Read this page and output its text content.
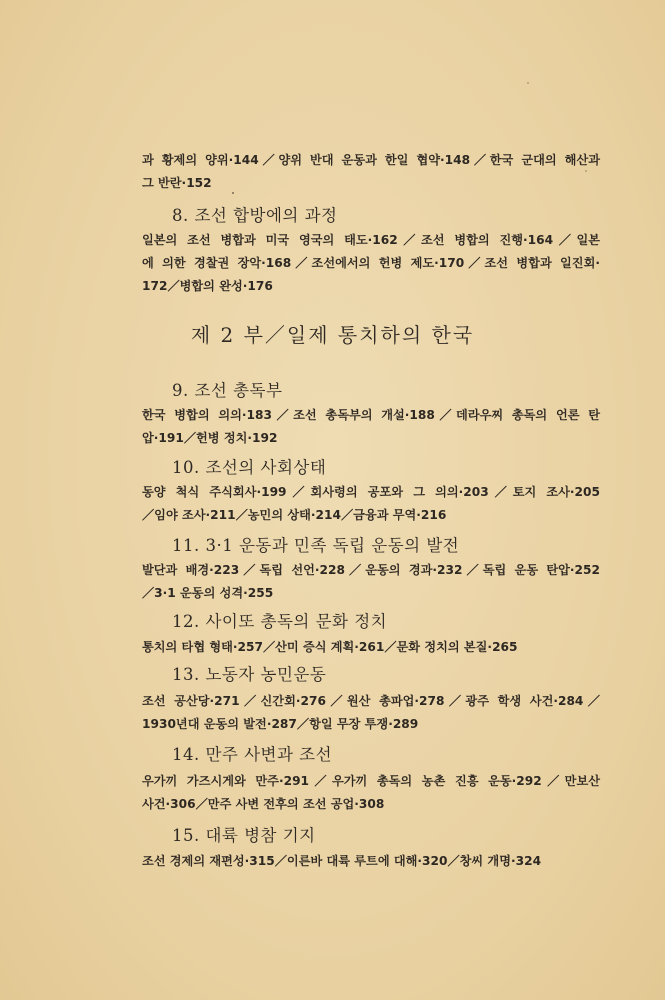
과 황제의 양위·144／양위 반대 운동과 한일 협약·148／한국 군대의 해산과
그 반란·152
8. 조선 합방에의 과정
일본의 조선 병합과 미국 영국의 태도·162／조선 병합의 진행·164／일본
에 의한 경찰권 장악·168／조선에서의 헌병 제도·170／조선 병합과 일진회·
172／병합의 완성·176
제 2 부／일제 통치하의 한국
9. 조선 총독부
한국 병합의 의의·183／조선 총독부의 개설·188／데라우찌 총독의 언론 탄
압·191／헌병 정치·192
10. 조선의 사회상태
동양 척식 주식회사·199／회사령의 공포와 그 의의·203／토지 조사·205
／임야 조사·211／농민의 상태·214／금융과 무역·216
11. 3·1 운동과 민족 독립 운동의 발전
발단과 배경·223／독립 선언·228／운동의 경과·232／독립 운동 탄압·252
／3·1 운동의 성격·255
12. 사이또 총독의 문화 정치
통치의 타협 형태·257／산미 증식 계획·261／문화 정치의 본질·265
13. 노동자 농민운동
조선 공산당·271／신간회·276／원산 총파업·278／광주 학생 사건·284／
1930년대 운동의 발전·287／항일 무장 투쟁·289
14. 만주 사변과 조선
우가끼 가즈시게와 만주·291／우가끼 총독의 농촌 진흥 운동·292／만보산
사건·306／만주 사변 전후의 조선 공업·308
15. 대륙 병참 기지
조선 경제의 재편성·315／이른바 대륙 루트에 대해·320／창씨 개명·324
